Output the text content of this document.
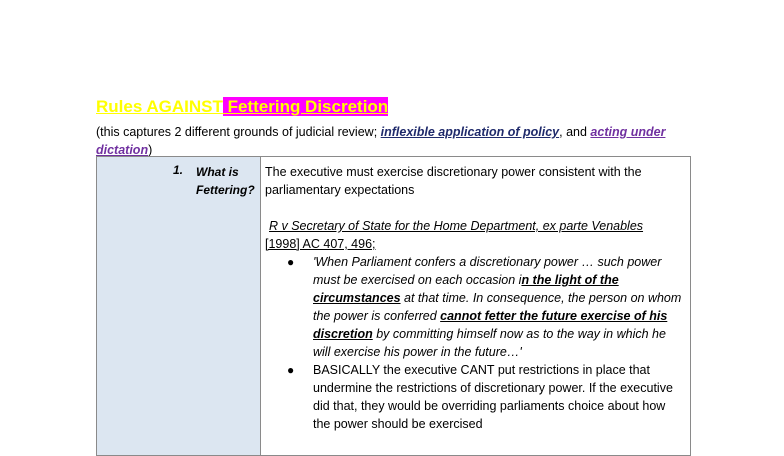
Rules AGAINST Fettering Discretion

(this captures 2 different grounds of judicial review; inflexible application of policy, and acting under dictation)

1. What is Fettering?

The executive must exercise discretionary power consistent with the parliamentary expectations

R v Secretary of State for the Home Department, ex parte Venables

[1998] AC 407, 496;

● 'When Parliament confers a discretionary power … such power must be exercised on each occasion in the light of the circumstances at that time. In consequence, the person on whom the power is conferred cannot fetter the future exercise of his discretion by committing himself now as to the way in which he will exercise his power in the future…'
● BASICALLY the executive CANT put restrictions in place that undermine the restrictions of discretionary power. If the executive did that, they would be overriding parliaments choice about how the power should be exercised
